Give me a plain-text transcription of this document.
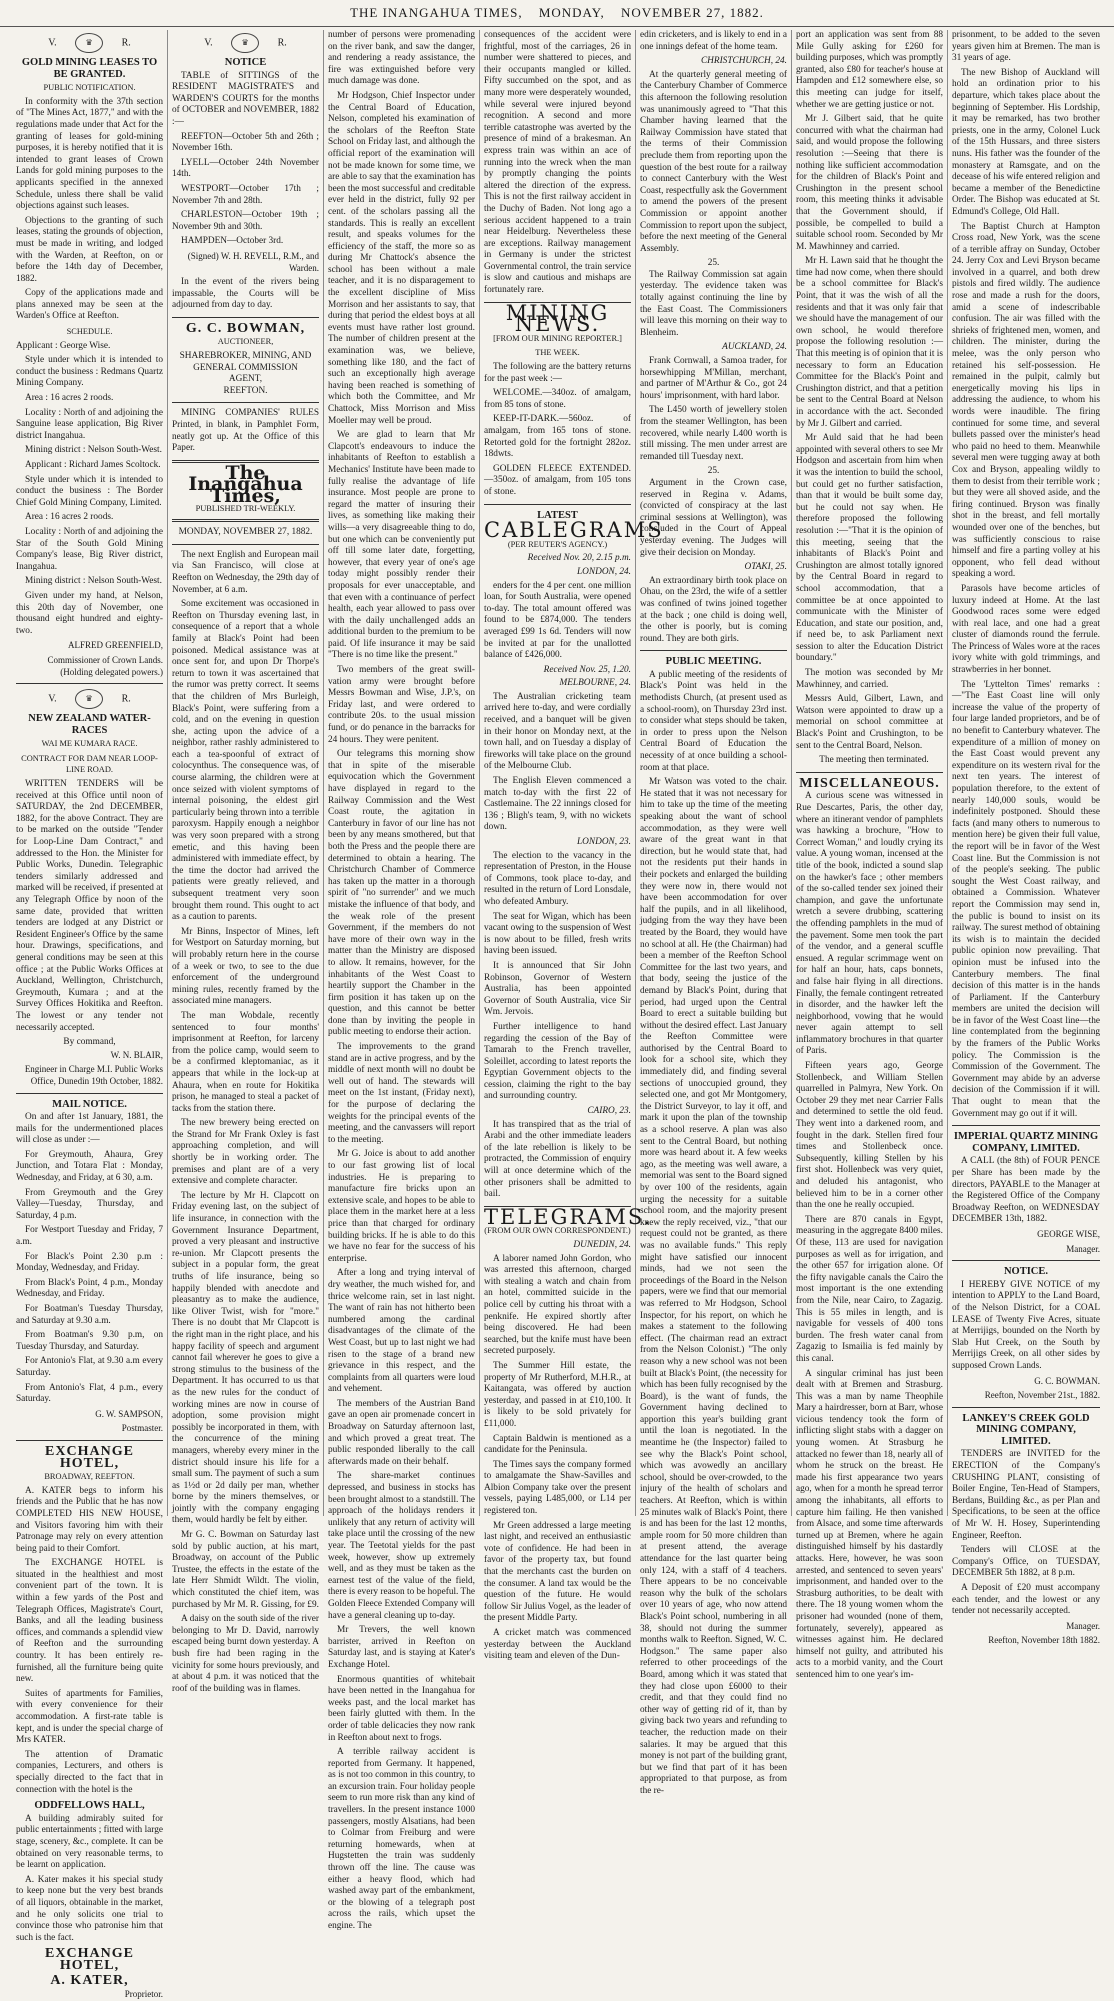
THE INANGAHUA TIMES, MONDAY, NOVEMBER 27, 1882.
V.	♛	R.
GOLD MINING LEASES TO BE GRANTED.
PUBLIC NOTIFICATION.

In conformity with the 37th section of "The Mines Act, 1877," and with the regulations made under that Act for the granting of leases for gold-mining purposes, it is hereby notified that it is intended to grant leases of Crown Lands for gold mining purposes to the applicants specified in the annexed Schedule, unless there shall be valid objections against such leases.

Objections to the granting of such leases, stating the grounds of objection, must be made in writing, and lodged with the Warden, at Reefton, on or before the 14th day of December, 1882.

Copy of the applications made and plans annexed may be seen at the Warden's Office at Reefton.

SCHEDULE.

Applicant : George Wise.

Style under which it is intended to conduct the business : Redmans Quartz Mining Company.

Area : 16 acres 2 roods.

Locality : North of and adjoining the Sanguine lease application, Big River district Inangahua.

Mining district : Nelson South-West.

Applicant : Richard James Scoltock.

Style under which it is intended to conduct the business : The Border Chief Gold Mining Company, Limited.

Area : 16 acres 2 roods.

Locality : North of and adjoining the Star of the South Gold Mining Company's lease, Big River district, Inangahua.

Mining district : Nelson South-West.

Given under my hand, at Nelson, this 20th day of November, one thousand eight hundred and eighty-two.

ALFRED GREENFIELD,
Commissioner of Crown Lands. (Holding delegated powers.)
V.	♛	R.
NEW ZEALAND WATER-RACES
WAI ME KUMARA RACE.
CONTRACT FOR DAM NEAR LOOP-LINE ROAD.

WRITTEN TENDERS will be received at this Office until noon of SATURDAY, the 2nd DECEMBER, 1882, for the above Contract. They are to be marked on the outside "Tender for Loop-Line Dam Contract," and addressed to the Hon. the Minister for Public Works, Dunedin. Telegraphic tenders similarly addressed and marked will be received, if presented at any Telegraph Office by noon of the same date, provided that written tenders are lodged at any District or Resident Engineer's Office by the same hour. Drawings, specifications, and general conditions may be seen at this office ; at the Public Works Offices at Auckland, Wellington, Christchurch, Greymouth, Kumara ; and at the Survey Offices Hokitika and Reefton. The lowest or any tender not necessarily accepted.

By command,
W. N. BLAIR,
Engineer in Charge M.I. Public Works Office, Dunedin 19th October, 1882.
MAIL NOTICE.

On and after 1st January, 1881, the mails for the undermentioned places will close as under :—

For Greymouth, Ahaura, Grey Junction, and Totara Flat : Monday, Wednesday, and Friday, at 6 30, a.m.

From Greymouth and the Grey Valley—Tuesday, Thursday, and Saturday, 4 p.m.

For Westport Tuesday and Friday, 7 a.m.

For Black's Point 2.30 p.m : Monday, Wednesday, and Friday.

From Black's Point, 4 p.m., Monday Wednesday, and Friday.

For Boatman's Tuesday Thursday, and Saturday at 9.30 a.m.

From Boatman's 9.30 p.m, on Tuesday Thursday, and Saturday.

For Antonio's Flat, at 9.30 a.m every Saturday.

From Antonio's Flat, 4 p.m., every Saturday.

G. W. SAMPSON,
Postmaster.
EXCHANGE HOTEL,
BROADWAY, REEFTON.

A. KATER begs to inform his friends and the Public that he has now COMPLETED HIS NEW HOUSE, and Visitors favoring him with their Patronage may rely on every attention being paid to their Comfort.

The EXCHANGE HOTEL is situated in the healthiest and most convenient part of the town. It is within a few yards of the Post and Telegraph Offices, Magistrate's Court, Banks, and all the leading business offices, and commands a splendid view of Reefton and the surrounding country. It has been entirely re-furnished, all the furniture being quite new.

Suites of apartments for Families, with every convenience for their accommodation. A first-rate table is kept, and is under the special charge of Mrs KATER.

The attention of Dramatic companies, Lecturers, and others is specially directed to the fact that in connection with the hotel is the

ODDFELLOWS HALL,

A building admirably suited for public entertainments ; fitted with large stage, scenery, &c., complete. It can be obtained on very reasonable terms, to be learnt on application.

A. Kater makes it his special study to keep none but the very best brands of all liquors, obtainable in the market, and he only solicits one trial to convince those who patronise him that such is the fact.

EXCHANGE HOTEL,
A. KATER,
Proprietor.
V.	♛	R.
NOTICE

TABLE of SITTINGS of the RESIDENT MAGISTRATE'S and WARDEN'S COURTS for the months of OCTOBER and NOVEMBER, 1882 :—

REEFTON—October 5th and 26th ; November 16th.

LYELL—October 24th November 14th.

WESTPORT—October 17th ; November 7th and 28th.

CHARLESTON—October 19th ; November 9th and 30th.

HAMPDEN—October 3rd.

(Signed) W. H. REVELL, R.M., and Warden.

In the event of the rivers being impassable, the Courts will be adjourned from day to day.

G. C. BOWMAN,
AUCTIONEER,
SHAREBROKER, MINING, AND
GENERAL COMMISSION
AGENT,
REEFTON.

MINING COMPANIES' RULES Printed, in blank, in Pamphlet Form, neatly got up. At the Office of this Paper.

The Inangahua Times,
PUBLISHED TRI-WEEKLY.
MONDAY, NOVEMBER 27, 1882.

The next English and European mail via San Francisco, will close at Reefton on Wednesday, the 29th day of November, at 6 a.m.

Some excitement was occasioned in Reefton on Thursday evening last, in consequence of a report that a whole family at Black's Point had been poisoned. Medical assistance was at once sent for, and upon Dr Thorpe's return to town it was ascertained that the rumor was pretty correct. It seems that the children of Mrs Burleigh, Black's Point, were suffering from a cold, and on the evening in question she, acting upon the advice of a neighbor, rather rashly administered to each a tea-spoonful of extract of colocynthus. The consequence was, of course alarming, the children were at once seized with violent symptoms of internal poisoning, the eldest girl particularly being thrown into a terrible paroxysm. Happily enough a neighbor was very soon prepared with a strong emetic, and this having been administered with immediate effect, by the time the doctor had arrived the patients were greatly relieved, and subsequent treatment very soon brought them round. This ought to act as a caution to parents.

Mr Binns, Inspector of Mines, left for Westport on Saturday morning, but will probably return here in the course of a week or two, to see to the due enforcement of the underground mining rules, recently framed by the associated mine managers.

The man Wobdale, recently sentenced to four months' imprisonment at Reefton, for larceny from the police camp, would seem to be a confirmed kleptomaniac, as it appears that while in the lock-up at Ahaura, when en route for Hokitika prison, he managed to steal a packet of tacks from the station there.

The new brewery being erected on the Strand for Mr Frank Oxley is fast approaching completion, and will shortly be in working order. The premises and plant are of a very extensive and complete character.

The lecture by Mr H. Clapcott on Friday evening last, on the subject of life insurance, in connection with the Government Insurance Department, proved a very pleasant and instructive re-union. Mr Clapcott presents the subject in a popular form, the great truths of life insurance, being so happily blended with anecdote and pleasantry as to make the audience, like Oliver Twist, wish for "more." There is no doubt that Mr Clapcott is the right man in the right place, and his happy facility of speech and argument cannot fail wherever he goes to give a strong stimulus to the business of the Department. It has occurred to us that as the new rules for the conduct of working mines are now in course of adoption, some provision might possibly be incorporated in them, with the concurrence of the mining managers, whereby every miner in the district should insure his life for a small sum. The payment of such a sum as 1½d or 2d daily per man, whether borne by the miners themselves, or jointly with the company engaging them, would hardly be felt by either.

Mr G. C. Bowman on Saturday last sold by public auction, at his mart, Broadway, on account of the Public Trustee, the effects in the estate of the late Herr Shmidt Wildt. The violin, which constituted the chief item, was purchased by Mr M. R. Gissing, for £9.

A daisy on the south side of the river belonging to Mr D. David, narrowly escaped being burnt down yesterday. A bush fire had been raging in the vicinity for some hours previously, and at about 4 p.m. it was noticed that the roof of the building was in flames.

number of persons were promenading on the river bank, and saw the danger, and rendering a ready assistance, the fire was extinguished before very much damage was done.

Mr Hodgson, Chief Inspector under the Central Board of Education, Nelson, completed his examination of the scholars of the Reefton State School on Friday last, and although the official report of the examination will not be made known for some time, we are able to say that the examination has been the most successful and creditable ever held in the district, fully 92 per cent. of the scholars passing all the standards. This is really an excellent result, and speaks volumes for the efficiency of the staff, the more so as during Mr Chattock's absence the school has been without a male teacher, and it is no disparagement to the excellent discipline of Miss Morrison and her assistants to say, that during that period the eldest boys at all events must have rather lost ground. The number of children present at the examination was, we believe, something like 180, and the fact of such an exceptionally high average having been reached is something of which both the Committee, and Mr Chattock, Miss Morrison and Miss Moeller may well be proud.

We are glad to learn that Mr Clapcott's endeavours to induce the inhabitants of Reefton to establish a Mechanics' Institute have been made to fully realise the advantage of life insurance. Most people are prone to regard the matter of insuring their lives, as something like making their wills—a very disagreeable thing to do, but one which can be conveniently put off till some later date, forgetting, however, that every year of one's age today might possibly render their proposals for ever unacceptable, and that even with a continuance of perfect health, each year allowed to pass over with the daily unchallenged adds an additional burden to the premium to be paid. Of life insurance it may be said "There is no time like the present."

Two members of the great swill-vation army were brought before Messrs Bowman and Wise, J.P.'s, on Friday last, and were ordered to contribute 20s. to the usual mission fund, or do penance in the barracks for 24 hours. They were penitent.

Our telegrams this morning show that in spite of the miserable equivocation which the Government have displayed in regard to the Railway Commission and the West Coast route, the agitation in Canterbury in favor of our line has not been by any means smothered, but that both the Press and the people there are determined to obtain a hearing. The Christchurch Chamber of Commerce has taken up the matter in a thorough spirit of "no surrender" and we much mistake the influence of that body, and the weak role of the present Government, if the members do not have more of their own way in the matter than the Ministry are disposed to allow. It remains, however, for the inhabitants of the West Coast to heartily support the Chamber in the firm position it has taken up on the question, and this cannot be better done than by inviting the people in public meeting to endorse their action.

The improvements to the grand stand are in active progress, and by the middle of next month will no doubt be well out of hand. The stewards will meet on the 1st instant, (Friday next), for the purpose of declaring the weights for the principal events of the meeting, and the canvassers will report to the meeting.

Mr G. Joice is about to add another to our fast growing list of local industries. He is preparing to manufacture fire bricks upon an extensive scale, and hopes to be able to place them in the market here at a less price than that charged for ordinary building bricks. If he is able to do this we have no fear for the success of his enterprise.

After a long and trying interval of dry weather, the much wished for, and thrice welcome rain, set in last night. The want of rain has not hitherto been numbered among the cardinal disadvantages of the climate of the West Coast, but up to last night we had risen to the stage of a brand new grievance in this respect, and the complaints from all quarters were loud and vehement.

The members of the Austrian Band gave an open air promenade concert in Broadway on Saturday afternoon last, and which proved a great treat. The public responded liberally to the call afterwards made on their behalf.

The share-market continues depressed, and business in stocks has been brought almost to a standstill. The approach of the holidays renders it unlikely that any return of activity will take place until the crossing of the new year. The Teetotal yields for the past week, however, show up extremely well, and as they must be taken as the earnest test of the value of the field, there is every reason to be hopeful. The Golden Fleece Extended Company will have a general cleaning up to-day.

Mr Trevers, the well known barrister, arrived in Reefton on Saturday last, and is staying at Kater's Exchange Hotel.

Enormous quantities of whitebait have been netted in the Inangahua for weeks past, and the local market has been fairly glutted with them. In the order of table delicacies they now rank in Reefton about next to frogs.

A terrible railway accident is reported from Germany. It happened, as is not too common in this country, to an excursion train. Four holiday people seem to run more risk than any kind of travellers. In the present instance 1000 passengers, mostly Alsatians, had been to Colmar from Freiburg and were returning homewards, when at Hugstetten the train was suddenly thrown off the line. The cause was either a heavy flood, which had washed away part of the embankment, or the blowing of a telegraph post across the rails, which upset the engine. The

consequences of the accident were frightful, most of the carriages, 26 in number were shattered to pieces, and their occupants mangled or killed. Fifty succumbed on the spot, and as many more were desperately wounded, while several were injured beyond recognition. A second and more terrible catastrophe was averted by the presence of mind of a brakesman. An express train was within an ace of running into the wreck when the man by promptly changing the points altered the direction of the express. This is not the first railway accident in the Duchy of Baden. Not long ago a serious accident happened to a train near Heidelburg. Nevertheless these are exceptions. Railway management in Germany is under the strictest Governmental control, the train service is slow and cautious and mishaps are fortunately rare.

MINING NEWS.
[FROM OUR MINING REPORTER.]
THE WEEK.

The following are the battery returns for the past week :—

WELCOME.—340oz. of amalgam, from 85 tons of stone.

KEEP-IT-DARK.—560oz. of amalgam, from 165 tons of stone. Retorted gold for the fortnight 282oz. 18dwts.

GOLDEN FLEECE EXTENDED.—350oz. of amalgam, from 105 tons of stone.

LATEST
CABLEGRAMS
(PER REUTER'S AGENCY.)
Received Nov. 20, 2.15 p.m.
LONDON, 24.

enders for the 4 per cent. one million loan, for South Australia, were opened to-day. The total amount offered was found to be £874,000. The tenders averaged £99 1s 6d. Tenders will now be invited at par for the unallotted balance of £426,000.

Received Nov. 25, 1.20.
MELBOURNE, 24.

The Australian cricketing team arrived here to-day, and were cordially received, and a banquet will be given in their honor on Monday next, at the town hall, and on Tuesday a display of fireworks will take place on the ground of the Melbourne Club.

The English Eleven commenced a match to-day with the first 22 of Castlemaine. The 22 innings closed for 136 ; Bligh's team, 9, with no wickets down.

LONDON, 23.

The election to the vacancy in the representation of Preston, in the House of Commons, took place to-day, and resulted in the return of Lord Lonsdale, who defeated Ambury.

The seat for Wigan, which has been vacant owing to the suspension of West is now about to be filled, fresh writs having been issued.

It is announced that Sir John Robinson, Governor of Western Australia, has been appointed Governor of South Australia, vice Sir Wm. Jervois.

Further intelligence to hand regarding the cession of the Bay of Tamarah to the French traveller, Soleillet, according to latest reports the Egyptian Government objects to the cession, claiming the right to the bay and surrounding country.

CAIRO, 23.

It has transpired that as the trial of Arabi and the other immediate leaders of the late rebellion is likely to be protracted, the Commission of enquiry will at once determine which of the other prisoners shall be admitted to bail.

TELEGRAMS.
(FROM OUR OWN CORRESPONDENT.)
DUNEDIN, 24.

A laborer named John Gordon, who was arrested this afternoon, charged with stealing a watch and chain from an hotel, committed suicide in the police cell by cutting his throat with a penknife. He expired shortly after being discovered. He had been searched, but the knife must have been secreted purposely.

The Summer Hill estate, the property of Mr Rutherford, M.H.R., at Kaitangata, was offered by auction yesterday, and passed in at £10,100. It is likely to be sold privately for £11,000.

Captain Baldwin is mentioned as a candidate for the Peninsula.

The Times says the company formed to amalgamate the Shaw-Savilles and Albion Company take over the present vessels, paying L485,000, or L14 per registered ton.

Mr Green addressed a large meeting last night, and received an enthusiastic vote of confidence. He had been in favor of the property tax, but found that the merchants cast the burden on the consumer. A land tax would be the question of the future. He would follow Sir Julius Vogel, as the leader of the present Middle Party.

A cricket match was commenced yesterday between the Auckland visiting team and eleven of the Dun-

edin cricketers, and is likely to end in a one innings defeat of the home team.

CHRISTCHURCH, 24.

At the quarterly general meeting of the Canterbury Chamber of Commerce this afternoon the following resolution was unanimously agreed to "That this Chamber having learned that the Railway Commission have stated that the terms of their Commission preclude them from reporting upon the question of the best route for a railway to connect Canterbury with the West Coast, respectfully ask the Government to amend the powers of the present Commission or appoint another Commission to report upon the subject, before the next meeting of the General Assembly.

25.

The Railway Commission sat again yesterday. The evidence taken was totally against continuing the line by the East Coast. The Commissioners will leave this morning on their way to Blenheim.

AUCKLAND, 24.

Frank Cornwall, a Samoa trader, for horsewhipping M'Millan, merchant, and partner of M'Arthur & Co., got 24 hours' imprisonment, with hard labor.

The L450 worth of jewellery stolen from the steamer Wellington, has been recovered, while nearly L400 worth is still missing. The men under arrest are remanded till Tuesday next.

25.

Argument in the Crown case, reserved in Regina v. Adams, (convicted of conspiracy at the last criminal sessions at Wellington), was concluded in the Court of Appeal yesterday evening. The Judges will give their decision on Monday.

OTAKI, 25.

An extraordinary birth took place on Ohau, on the 23rd, the wife of a settler was confined of twins joined together at the back ; one child is doing well, the other is poorly, but is coming round. They are both girls.

PUBLIC MEETING.

A public meeting of the residents of Black's Point was held in the methodists Church, (at present used as a school-room), on Thursday 23rd inst. to consider what steps should be taken, in order to press upon the Nelson Central Board of Education the necessity of at once building a school-room at that place.

Mr Watson was voted to the chair. He stated that it was not necessary for him to take up the time of the meeting speaking about the want of school accommodation, as they were well aware of the great want in that direction, but he would state that, had not the residents put their hands in their pockets and enlarged the building they were now in, there would not have been accommodation for over half the pupils, and in all likelihood, judging from the way they have been treated by the Board, they would have no school at all. He (the Chairman) had been a member of the Reefton School Committee for the last two years, and that body, seeing the justice of the demand by Black's Point, during that period, had urged upon the Central Board to erect a suitable building but without the desired effect. Last January the Reefton Committee were authorised by the Central Board to look for a school site, which they immediately did, and finding several sections of unoccupied ground, they selected one, and got Mr Montgomery, the District Surveyor, to lay it off, and mark it upon the plan of the township as a school reserve. A plan was also sent to the Central Board, but nothing more was heard about it. A few weeks ago, as the meeting was well aware, a memorial was sent to the Board signed by over 100 of the residents, again urging the necessity for a suitable school room, and the majority present knew the reply received, viz., "that our request could not be granted, as there was no available funds." This reply might have satisfied our innocent minds, had we not seen the proceedings of the Board in the Nelson papers, were we find that our memorial was referred to Mr Hodgson, School Inspector, for his report, on which he makes a statement to the following effect. (The chairman read an extract from the Nelson Colonist.) "The only reason why a new school was not been built at Black's Point, (the necessity for which has been fully recognised by the Board), is the want of funds, the Government having declined to apportion this year's building grant until the loan is negotiated. In the meantime he (the Inspector) failed to see why the Black's Point school, which was avowedly an ancillary school, should be over-crowded, to the injury of the health of scholars and teachers. At Reefton, which is within 25 minutes walk of Black's Point, there is and has been for the last 12 months, ample room for 50 more children than at present attend, the average attendance for the last quarter being only 124, with a staff of 4 teachers. There appears to be no conceivable reason why the bulk of the scholars over 10 years of age, who now attend Black's Point school, numbering in all 38, should not during the summer months walk to Reefton. Signed, W. C. Hodgson." The same paper also referred to other proceedings of the Board, among which it was stated that they had close upon £6000 to their credit, and that they could find no other way of getting rid of it, than by giving back two years and refunding to teacher, the reduction made on their salaries. It may be argued that this money is not part of the building grant, but we find that part of it has been appropriated to that purpose, as from the re-

port an application was sent from 88 Mile Gully asking for £260 for building purposes, which was promptly granted, also £80 for teacher's house at Hampden and £12 somewhere else, so this meeting can judge for itself, whether we are getting justice or not.

Mr J. Gilbert said, that he quite concurred with what the chairman had said, and would propose the following resolution :—Seeing that there is nothing like sufficient accommodation for the children of Black's Point and Crushington in the present school room, this meeting thinks it advisable that the Government should, if possible, be compelled to build a suitable school room. Seconded by Mr M. Mawhinney and carried.

Mr H. Lawn said that he thought the time had now come, when there should be a school committee for Black's Point, that it was the wish of all the residents and that it was only fair that we should have the management of our own school, he would therefore propose the following resolution :—That this meeting is of opinion that it is necessary to form an Education Committee for the Black's Point and Crushington district, and that a petition be sent to the Central Board at Nelson in accordance with the act. Seconded by Mr J. Gilbert and carried.

Mr Auld said that he had been appointed with several others to see Mr Hodgson and ascertain from him when it was the intention to build the school, but could get no further satisfaction, than that it would be built some day, but he could not say when. He therefore proposed the following resolution :—"That it is the opinion of this meeting, seeing that the inhabitants of Black's Point and Crushington are almost totally ignored by the Central Board in regard to school accommodation, that a committee be at once appointed to communicate with the Minister of Education, and state our position, and, if need be, to ask Parliament next session to alter the Education District boundary."

The motion was seconded by Mr Mawhinney, and carried.

Messrs Auld, Gilbert, Lawn, and Watson were appointed to draw up a memorial on school committee at Black's Point and Crushington, to be sent to the Central Board, Nelson.

The meeting then terminated.

MISCELLANEOUS.

A curious scene was witnessed in Rue Descartes, Paris, the other day, where an itinerant vendor of pamphlets was hawking a brochure, "How to Correct Woman," and loudly crying its value. A young woman, incensed at the title of the book, indicted a sound slap on the hawker's face ; other members of the so-called tender sex joined their champion, and gave the unfortunate wretch a severe drubbing, scattering the offending pamphlets in the mud of the pavement. Some men took the part of the vendor, and a general scuffle ensued. A regular scrimmage went on for half an hour, hats, caps bonnets, and false hair flying in all directions. Finally, the female contingent retreated in disorder, and the hawker left the neighborhood, vowing that he would never again attempt to sell inflammatory brochures in that quarter of Paris.

Fifteen years ago, George Stollenbeck, and William Stellen quarrelled in Palmyra, New York. On October 29 they met near Carrier Falls and determined to settle the old feud. They went into a darkened room, and fought in the dark. Stellen fired four times and Stollenbeck once. Subsequently, killing Stellen by his first shot. Hollenbeck was very quiet, and deluded his antagonist, who believed him to be in a corner other than the one he really occupied.

There are 870 canals in Egypt, measuring in the aggregate 8400 miles. Of these, 113 are used for navigation purposes as well as for irrigation, and the other 657 for irrigation alone. Of the fifty navigable canals the Cairo the most important is the one extending from the Nile, near Cairo, to Zagazig. This is 55 miles in length, and is navigable for vessels of 400 tons burden. The fresh water canal from Zagazig to Ismailia is fed mainly by this canal.

A singular criminal has just been dealt with at Bremen and Strasburg. This was a man by name Theophile Mary a hairdresser, born at Barr, whose vicious tendency took the form of inflicting slight stabs with a dagger on young women. At Strasburg he attacked no fewer than 18, nearly all of whom he struck on the breast. He made his first appearance two years ago, when for a month he spread terror among the inhabitants, all efforts to capture him failing. He then vanished from Alsace, and some time afterwards turned up at Bremen, where he again distinguished himself by his dastardly attacks. Here, however, he was soon arrested, and sentenced to seven years' imprisonment, and handed over to the Strasburg authorities, to be dealt with there. The 18 young women whom the prisoner had wounded (none of them, fortunately, severely), appeared as witnesses against him. He declared himself not guilty, and attributed his acts to a morbid vanity, and the Court sentenced him to one year's im-

prisonment, to be added to the seven years given him at Bremen. The man is 31 years of age.

The new Bishop of Auckland will hold an ordination prior to his departure, which takes place about the beginning of September. His Lordship, it may be remarked, has two brother priests, one in the army, Colonel Luck of the 15th Hussars, and three sisters nuns. His father was the founder of the monastery at Ramsgate, and on the decease of his wife entered religion and became a member of the Benedictine Order. The Bishop was educated at St. Edmund's College, Old Hall.

The Baptist Church at Hampton Cross road, New York, was the scene of a terrible affray on Sunday, October 24. Jerry Cox and Levi Bryson became involved in a quarrel, and both drew pistols and fired wildly. The audience rose and made a rush for the doors, amid a scene of indescribable confusion. The air was filled with the shrieks of frightened men, women, and children. The minister, during the melee, was the only person who retained his self-possession. He remained in the pulpit, calmly but energetically moving his lips in addressing the audience, to whom his words were inaudible. The firing continued for some time, and several bullets passed over the minister's head who paid no heed to them. Meanwhile several men were tugging away at both Cox and Bryson, appealing wildly to them to desist from their terrible work ; but they were all shoved aside, and the firing continued. Bryson was finally shot in the breast, and fell mortally wounded over one of the benches, but was sufficiently conscious to raise himself and fire a parting volley at his opponent, who fell dead without speaking a word.

Parasols have become articles of luxury indeed at Home. At the last Goodwood races some were edged with real lace, and one had a great cluster of diamonds round the ferrule. The Princess of Wales wore at the races ivory white with gold trimmings, and strawberries in her bonnet.

The 'Lyttelton Times' remarks :—"The East Coast line will only increase the value of the property of four large landed proprietors, and be of no benefit to Canterbury whatever. The expenditure of a million of money on the East Coast would prevent any expenditure on its western rival for the next ten years. The interest of population therefore, to the extent of nearly 140,000 souls, would be indefinitely postponed. Should these facts (and many others to numerous to mention here) be given their full value, the report will be in favor of the West Coast line. But the Commission is not of the people's seeking. The public sought the West Coast railway, and obtained a Commission. Whatever report the Commission may send in, the public is bound to insist on its railway. The surest method of obtaining its wish is to maintain the decided public opinion now prevailing. That opinion must be infused into the Canterbury members. The final decision of this matter is in the hands of Parliament. If the Canterbury members are united the decision will be in favor of the West Coast line—the line contemplated from the beginning by the framers of the Public Works policy. The Commission is the Commission of the Government. The Government may abide by an adverse decision of the Commission if it will. That ought to mean that the Government may go out if it will.

IMPERIAL QUARTZ MINING COMPANY, LIMITED.

A CALL (the 8th) of FOUR PENCE per Share has been made by the directors, PAYABLE to the Manager at the Registered Office of the Company Broadway Reefton, on WEDNESDAY DECEMBER 13th, 1882.

GEORGE WISE,
Manager.
NOTICE.

I HEREBY GIVE NOTICE of my intention to APPLY to the Land Board, of the Nelson District, for a COAL LEASE of Twenty Five Acres, situate at Merrijigs, bounded on the North by Slab Hut Creek, on the South by Merrijigs Creek, on all other sides by supposed Crown Lands.

G. C. BOWMAN.
Reefton, November 21st., 1882.
LANKEY'S CREEK GOLD MINING COMPANY, LIMITED.

TENDERS are INVITED for the ERECTION of the Company's CRUSHING PLANT, consisting of Boiler Engine, Ten-Head of Stampers, Berdans, Building &c., as per Plan and Specifications, to be seen at the office of Mr W. H. Hosey, Superintending Engineer, Reefton.

Tenders will CLOSE at the Company's Office, on TUESDAY, DECEMBER 5th 1882, at 8 p.m.

A Deposit of £20 must accompany each tender, and the lowest or any tender not necessarily accepted.

Manager.
Reefton, November 18th 1882.
